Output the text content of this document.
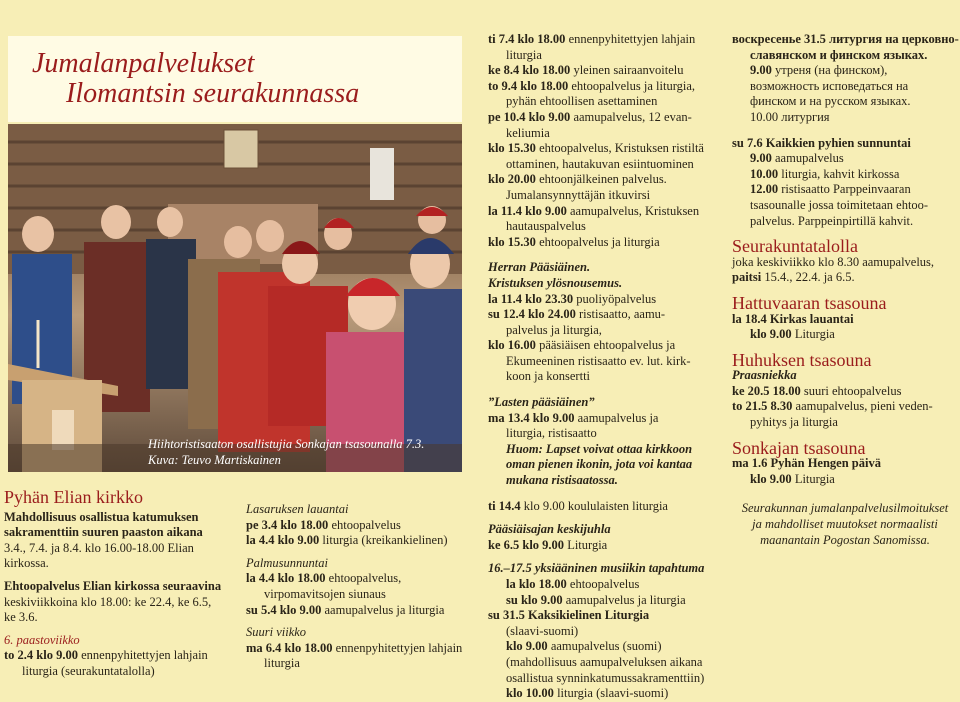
Jumalanpalvelukset
Ilomantsin seurakunnassa
Hiihtoristisaaton osallistujia Sonkajan tsasounalla 7.3.
Kuva: Teuvo Martiskainen
Pyhän Elian kirkko
Mahdollisuus osallistua katumuksen
sakramenttiin suuren paaston aikana
3.4., 7.4. ja 8.4. klo 16.00-18.00 Elian
kirkossa.
Ehtoopalvelus Elian kirkossa seuraavina
keskiviikkoina klo 18.00: ke 22.4, ke 6.5,
ke 3.6.
6. paastoviikko
to 2.4 klo 9.00 ennenpyhitettyjen lahjain
liturgia (seurakuntatalolla)
Lasaruksen lauantai
pe 3.4 klo 18.00 ehtoopalvelus
la 4.4 klo 9.00 liturgia (kreikankielinen)
Palmusunnuntai
la 4.4 klo 18.00 ehtoopalvelus,
virpomavitsojen siunaus
su 5.4 klo 9.00 aamupalvelus ja liturgia
Suuri viikko
ma 6.4 klo 18.00 ennenpyhitettyjen lahjain
liturgia
ti 7.4 klo 18.00 ennenpyhitettyjen lahjain
liturgia
ke 8.4 klo 18.00 yleinen sairaanvoitelu
to 9.4 klo 18.00 ehtoopalvelus ja liturgia,
pyhän ehtoollisen asettaminen
pe 10.4 klo 9.00 aamupalvelus, 12 evan-
keliumia
klo 15.30 ehtoopalvelus, Kristuksen ristiltä
ottaminen, hautakuvan esiintuominen
klo 20.00 ehtoonjälkeinen palvelus.
Jumalansynnyttäjän itkuvirsi
la 11.4 klo 9.00 aamupalvelus, Kristuksen
hautauspalvelus
klo 15.30 ehtoopalvelus ja liturgia
Herran Pääsiäinen.
Kristuksen ylösnousemus.
la 11.4 klo 23.30 puoliyöpalvelus
su 12.4 klo 24.00 ristisaatto, aamu-
palvelus ja liturgia,
klo 16.00 pääsiäisen ehtoopalvelus ja
Ekumeeninen ristisaatto ev. lut. kirk-
koon ja konsertti
”Lasten pääsiäinen”
ma 13.4 klo 9.00 aamupalvelus ja
liturgia, ristisaatto
Huom: Lapset voivat ottaa kirkkoon
oman pienen ikonin, jota voi kantaa
mukana ristisaatossa.
ti 14.4 klo 9.00 koululaisten liturgia
Pääsiäisajan keskijuhla
ke 6.5 klo 9.00 Liturgia
16.–17.5 yksiääninen musiikin tapahtuma
la klo 18.00 ehtoopalvelus
su klo 9.00 aamupalvelus ja liturgia
su 31.5 Kaksikielinen Liturgia
(slaavi-suomi)
klo 9.00 aamupalvelus (suomi)
(mahdollisuus aamupalveluksen aikana
osallistua synninkatumussakramenttiin)
klo 10.00 liturgia (slaavi-suomi)
воскресенье 31.5 литургия на церковно-
славянском и финском языках.
9.00 утреня (на финском),
возможность исповедаться на
финском и на русском языках.
10.00 литургия
su 7.6 Kaikkien pyhien sunnuntai
9.00 aamupalvelus
10.00 liturgia, kahvit kirkossa
12.00 ristisaatto Parppeinvaaran
tsasounalle jossa toimitetaan ehtoo-
palvelus. Parppeinpirtillä kahvit.
Seurakuntatalolla
joka keskiviikko klo 8.30 aamupalvelus,
paitsi 15.4., 22.4. ja 6.5.
Hattuvaaran tsasouna
la 18.4 Kirkas lauantai
klo 9.00 Liturgia
Huhuksen tsasouna
Praasniekka
ke 20.5 18.00 suuri ehtoopalvelus
to 21.5 8.30 aamupalvelus, pieni veden-
pyhitys ja liturgia
Sonkajan tsasouna
ma 1.6 Pyhän Hengen päivä
klo 9.00 Liturgia
Seurakunnan jumalanpalvelusilmoitukset
ja mahdolliset muutokset normaalisti
maanantain Pogostan Sanomissa.
